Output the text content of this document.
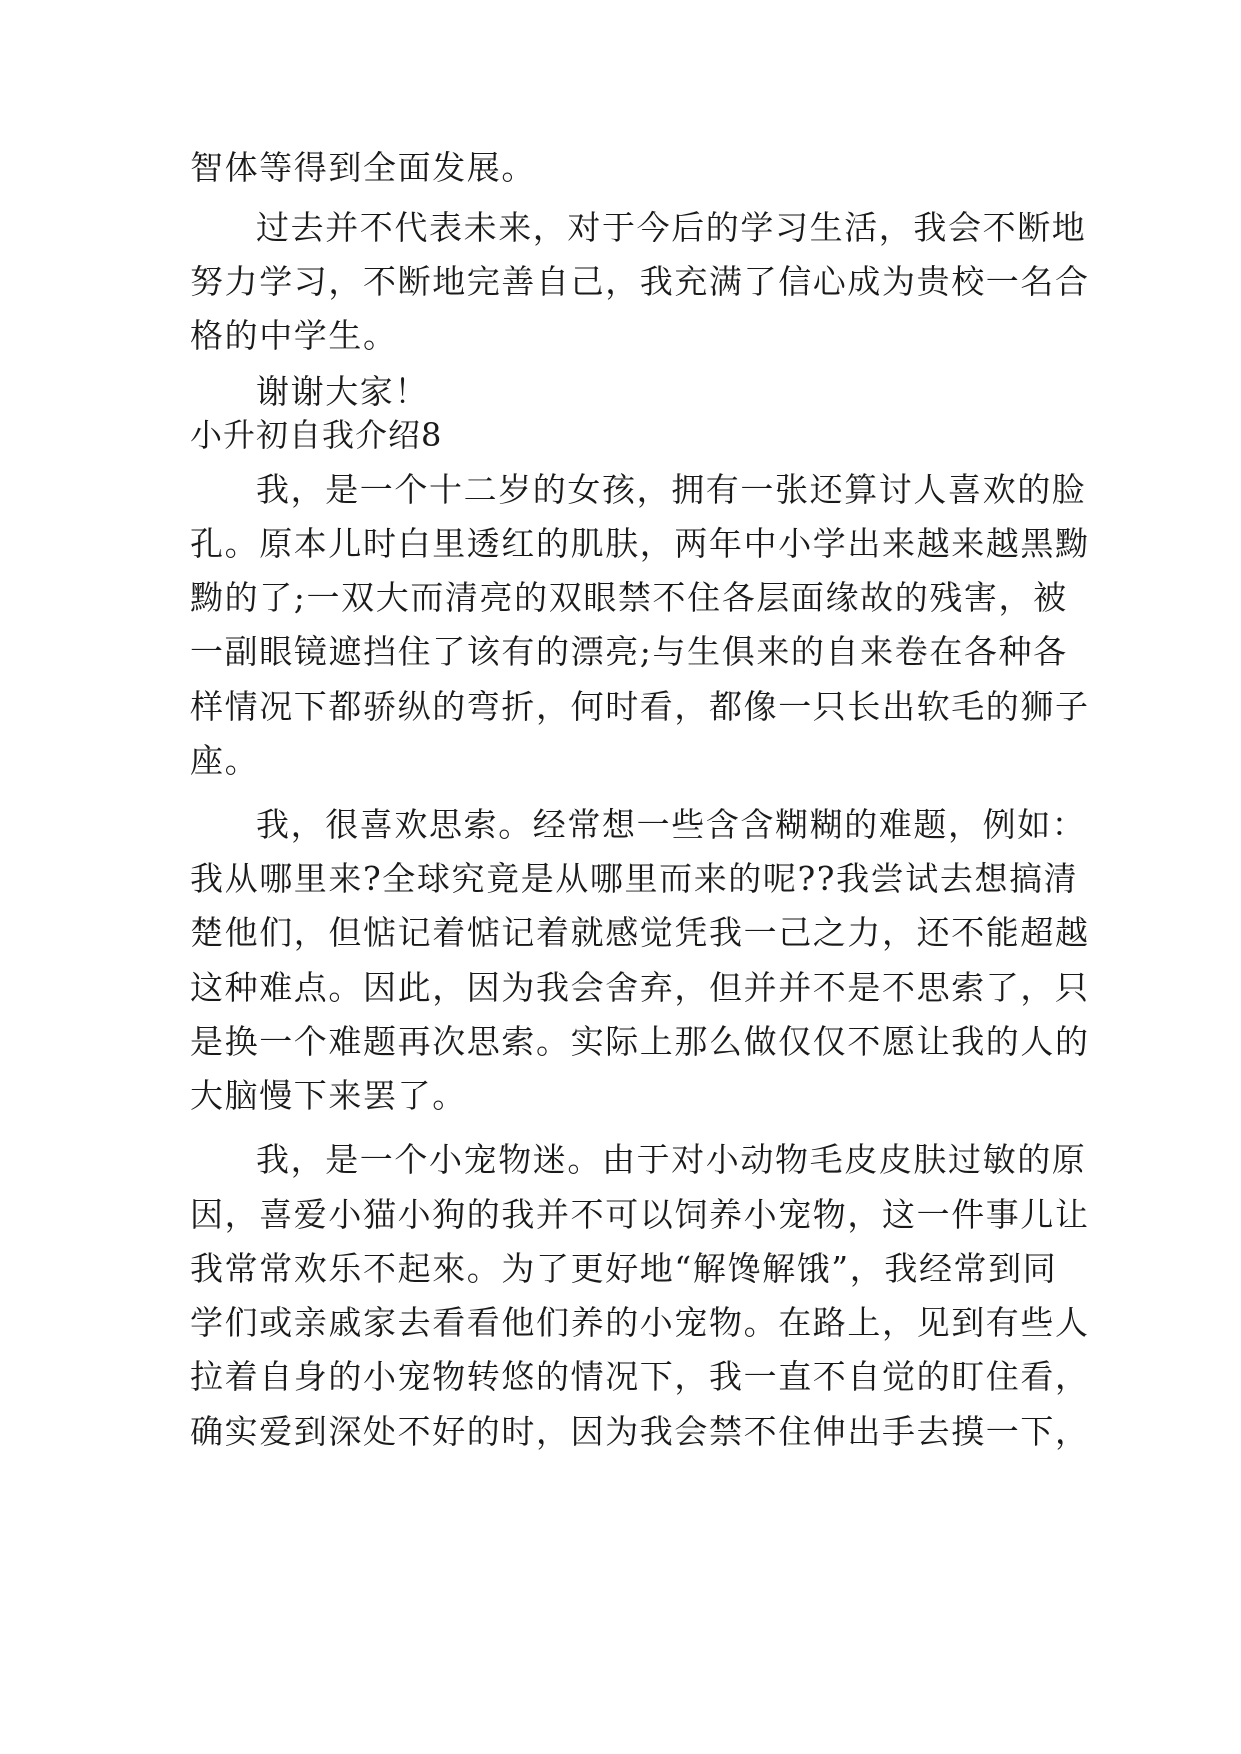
智体等得到全面发展。
过去并不代表未来，对于今后的学习生活，我会不断地
努力学习，不断地完善自己，我充满了信心成为贵校一名合
格的中学生。
谢谢大家！
小升初自我介绍8
我，是一个十二岁的女孩，拥有一张还算讨人喜欢的脸
孔。原本儿时白里透红的肌肤，两年中小学出来越来越黑黝
黝的了;一双大而清亮的双眼禁不住各层面缘故的残害，被
一副眼镜遮挡住了该有的漂亮;与生俱来的自来卷在各种各
样情况下都骄纵的弯折，何时看，都像一只长出软毛的狮子
座。
我，很喜欢思索。经常想一些含含糊糊的难题，例如：
我从哪里来?全球究竟是从哪里而来的呢??我尝试去想搞清
楚他们，但惦记着惦记着就感觉凭我一己之力，还不能超越
这种难点。因此，因为我会舍弃，但并并不是不思索了，只
是换一个难题再次思索。实际上那么做仅仅不愿让我的人的
大脑慢下来罢了。
我，是一个小宠物迷。由于对小动物毛皮皮肤过敏的原
因，喜爱小猫小狗的我并不可以饲养小宠物，这一件事儿让
我常常欢乐不起來。为了更好地“解馋解饿”，我经常到同
学们或亲戚家去看看他们养的小宠物。在路上，见到有些人
拉着自身的小宠物转悠的情况下，我一直不自觉的盯住看，
确实爱到深处不好的时，因为我会禁不住伸出手去摸一下，
